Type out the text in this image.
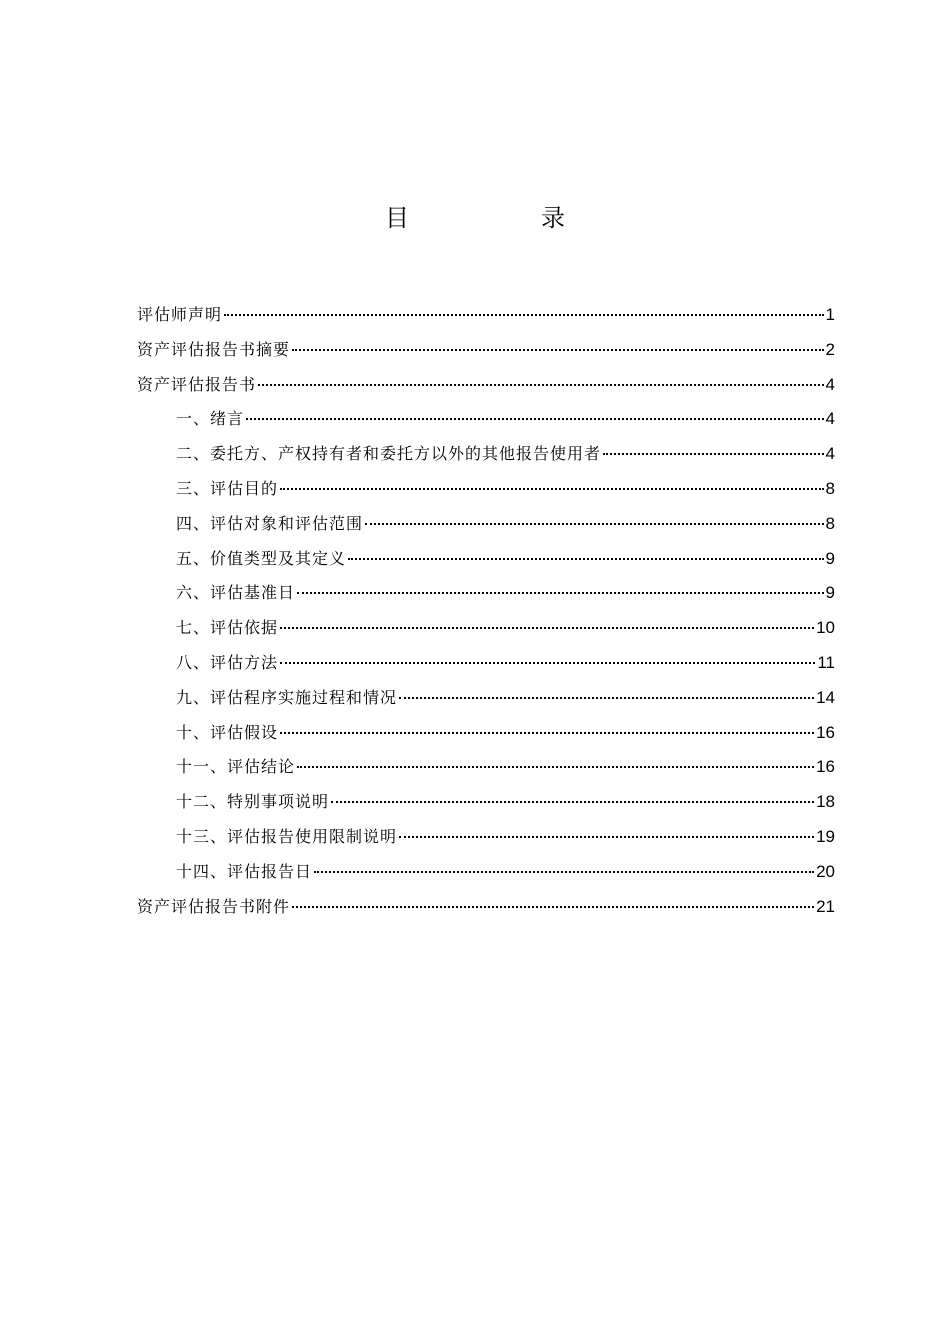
目　录
评估师声明	1
资产评估报告书摘要	2
资产评估报告书	4
一、绪言	4
二、委托方、产权持有者和委托方以外的其他报告使用者	4
三、评估目的	8
四、评估对象和评估范围	8
五、价值类型及其定义	9
六、评估基准日	9
七、评估依据	10
八、评估方法	11
九、评估程序实施过程和情况	14
十、评估假设	16
十一、评估结论	16
十二、特别事项说明	18
十三、评估报告使用限制说明	19
十四、评估报告日	20
资产评估报告书附件	21
